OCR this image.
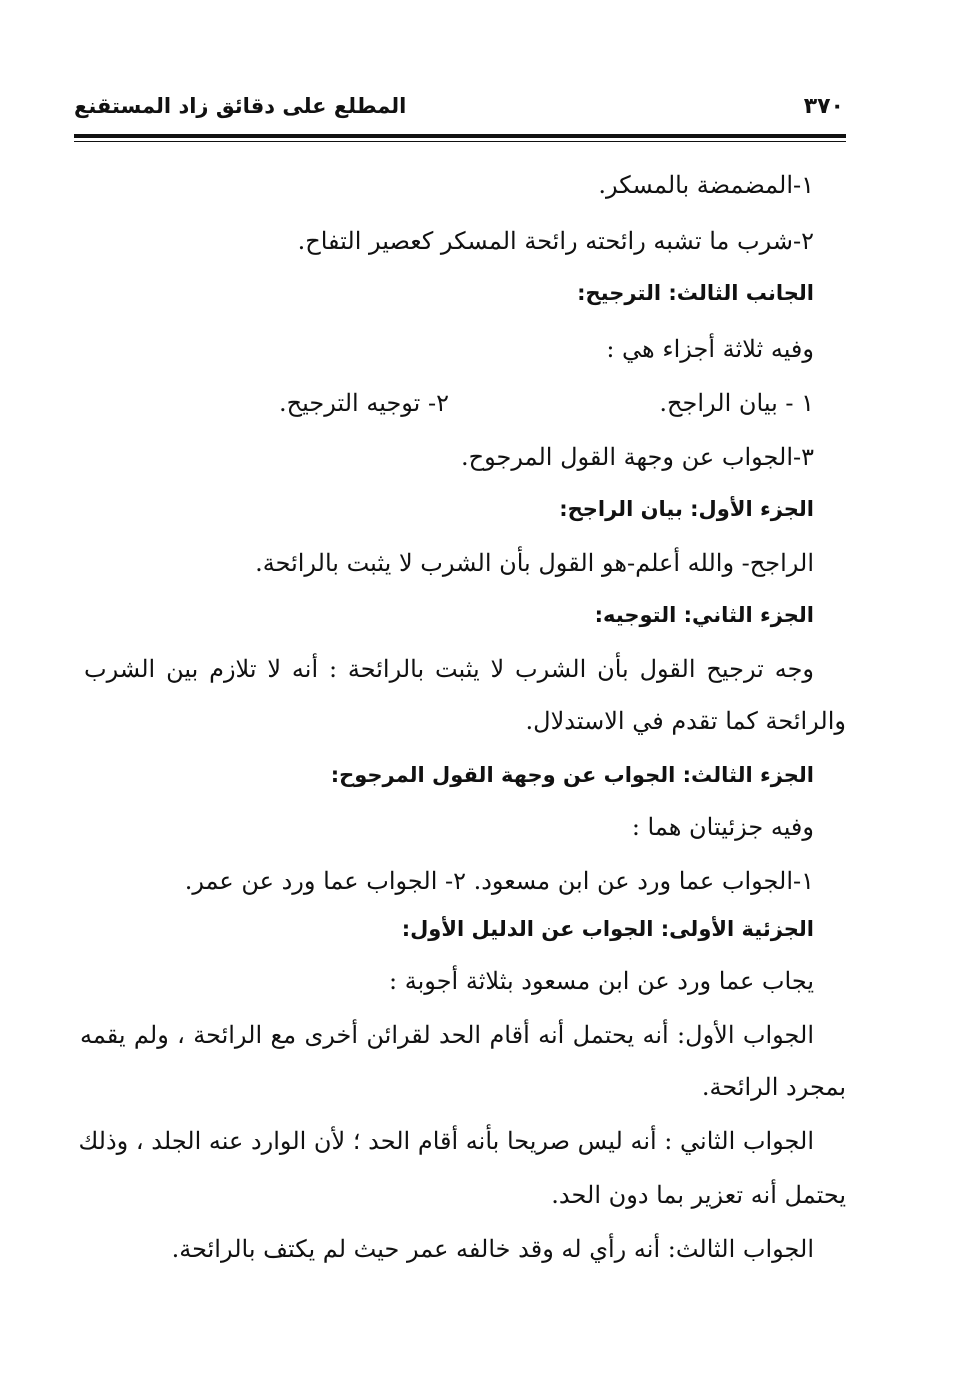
٣٧٠
المطلع على دقائق زاد المستقنع
١-المضمضة بالمسكر.
٢-شرب ما تشبه رائحته رائحة المسكر كعصير التفاح.
الجانب الثالث: الترجيح:
وفيه ثلاثة أجزاء هي :
١ - بيان الراجح.
٢- توجيه الترجيح.
٣-الجواب عن وجهة القول المرجوح.
الجزء الأول: بيان الراجح:
الراجح- والله أعلم-هو القول بأن الشرب لا يثبت بالرائحة.
الجزء الثاني: التوجيه:
وجه ترجيح القول بأن الشرب لا يثبت بالرائحة : أنه لا تلازم بين الشرب
والرائحة كما تقدم في الاستدلال.
الجزء الثالث: الجواب عن وجهة القول المرجوح:
وفيه جزئيتان هما :
١-الجواب عما ورد عن ابن مسعود.
٢- الجواب عما ورد عن عمر.
الجزئية الأولى: الجواب عن الدليل الأول:
يجاب عما ورد عن ابن مسعود بثلاثة أجوبة :
الجواب الأول: أنه يحتمل أنه أقام الحد لقرائن أخرى مع الرائحة ، ولم يقمه
بمجرد الرائحة.
الجواب الثاني : أنه ليس صريحا بأنه أقام الحد ؛ لأن الوارد عنه الجلد ، وذلك
يحتمل أنه تعزير بما دون الحد.
الجواب الثالث: أنه رأي له وقد خالفه عمر حيث لم يكتف بالرائحة.
